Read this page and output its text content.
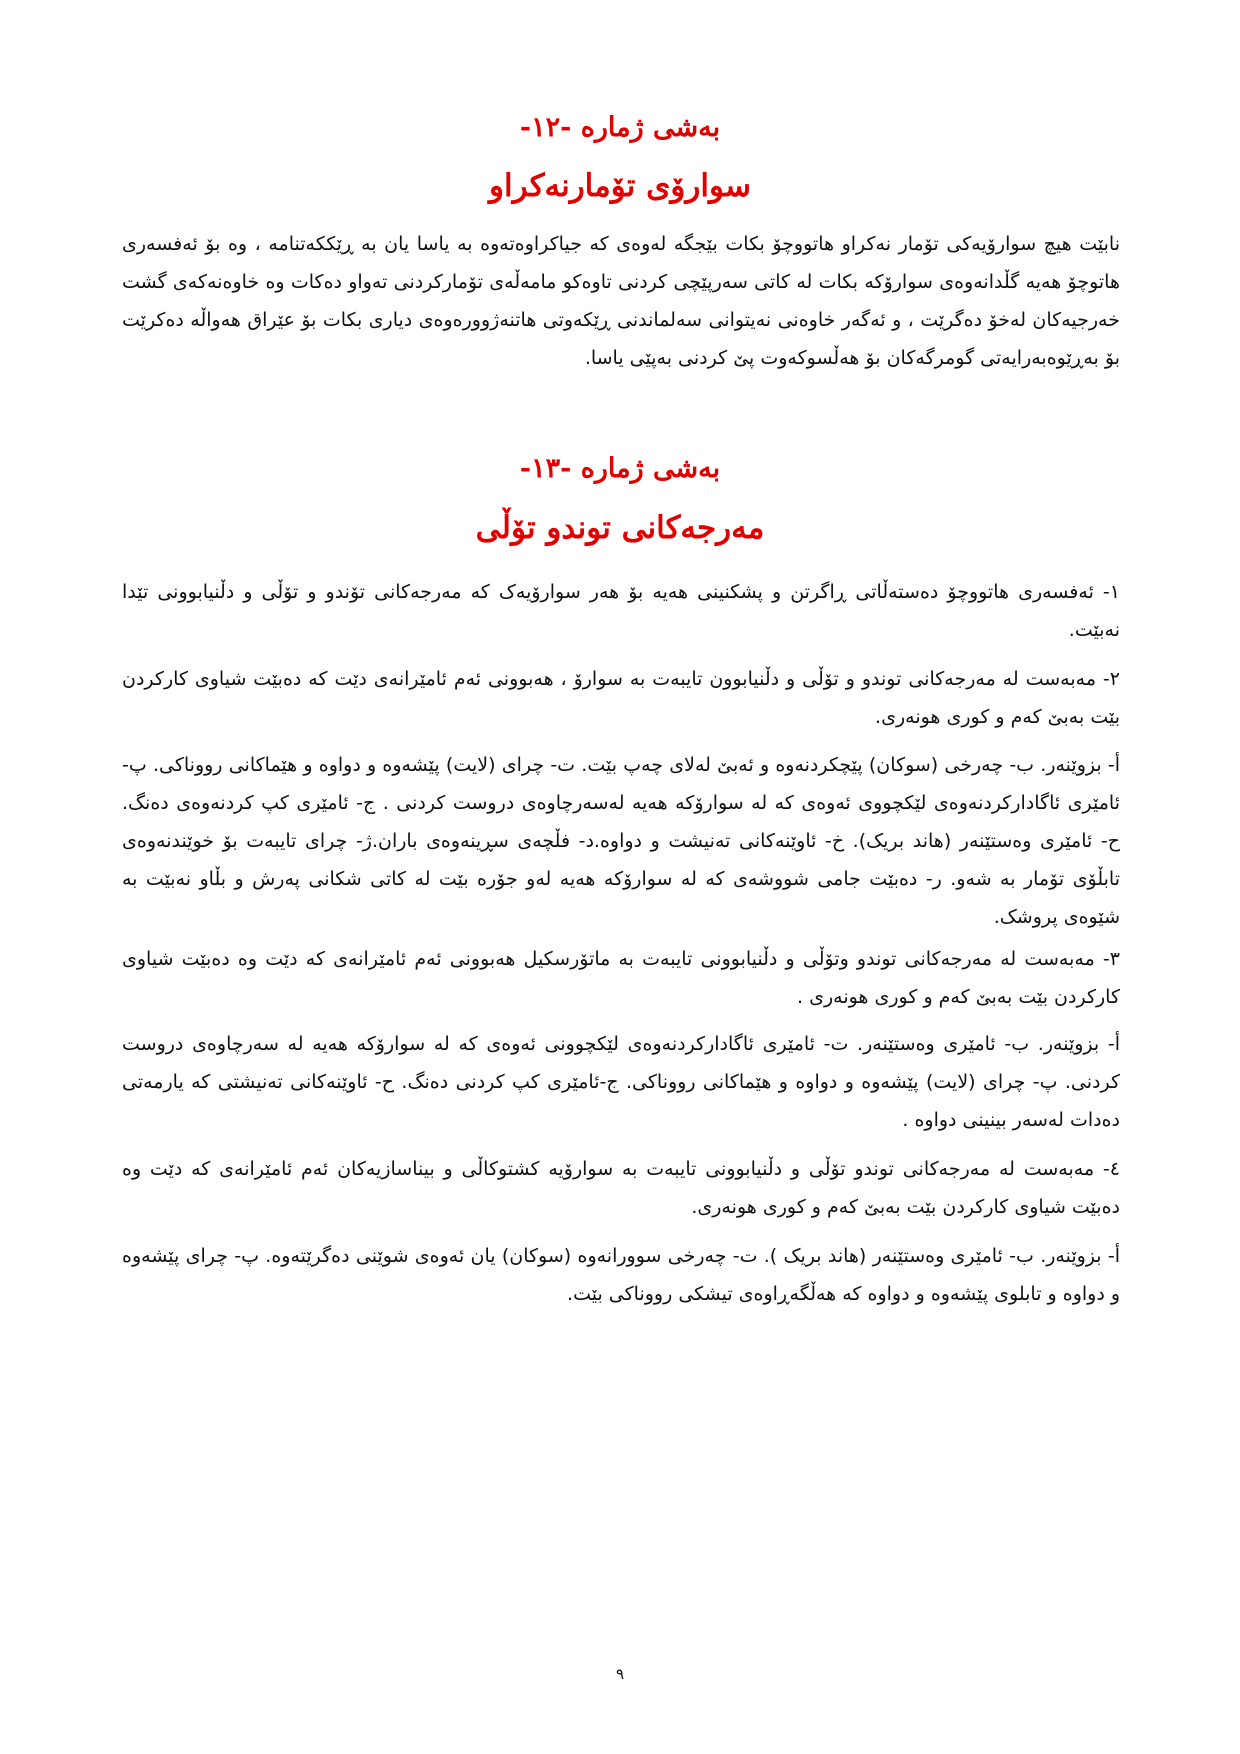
بەشی ژمارە -١٢-
سوارۆی تۆمارنەکراو
نابێت هیچ سوارۆیەکی تۆمار نەکراو هاتووچۆ بکات بێجگە لەوەی کە جیاکراوەتەوە بە یاسا یان بە ڕێککەتنامە ، وە بۆ ئەفسەری هاتوچۆ هەیە گڵدانەوەی سوارۆکە بکات لە کاتی سەرپێچی کردنی تاوەکو مامەڵەی تۆمارکردنی تەواو دەکات وە خاوەنەکەی گشت خەرجیەکان لەخۆ دەگرێت ، و ئەگەر خاوەنی نەیتوانی سەلماندنی ڕێکەوتی هاتنەژوورەوەی دیاری بکات بۆ عێراق هەواڵە دەکرێت بۆ بەڕێوەبەرایەتی گومرگەکان بۆ هەڵسوکەوت پێ کردنی بەپێی یاسا.
بەشی ژمارە -١٣-
مەرجەکانی توندو تۆڵی
١- ئەفسەری هاتووچۆ دەستەڵاتی ڕاگرتن و پشکنینی هەیە بۆ هەر سوارۆیەک کە مەرجەکانی تۆندو و تۆڵی و دڵنیابوونی تێدا نەبێت.
٢- مەبەست لە مەرجەکانی توندو و تۆڵی و دڵنیابوون تایبەت بە سوارۆ ، هەبوونی ئەم ئامێرانەی دێت کە دەبێت شیاوی کارکردن بێت بەبێ کەم و کوری هونەری.
أ- بزوێنەر. ب- چەرخی (سوکان) پێچکردنەوە و ئەبێ لەلای چەپ بێت. ت- چرای (لایت) پێشەوە و دواوە و هێماکانی رووناکی. پ- ئامێری ئاگادارکردنەوەی لێکچووی ئەوەی کە لە سوارۆکە هەیە لەسەرچاوەی دروست کردنی . ج- ئامێری کپ کردنەوەی دەنگ. ح- ئامێری وەستێنەر (هاند بریک). خ- ئاوێنەکانی تەنیشت و دواوە.د- فڵچەی سڕینەوەی باران.ژ- چرای تایبەت بۆ خوێندنەوەی تابڵۆی تۆمار بە شەو. ر- دەبێت جامی شووشەی کە لە سوارۆکە هەیە لەو جۆرە بێت لە کاتی شکانی پەرش و بڵاو نەبێت بە شێوەی پروشک.
٣- مەبەست لە مەرجەکانی توندو وتۆڵی و دڵنیابوونی تایبەت بە ماتۆرسکیل هەبوونی ئەم ئامێرانەی کە دێت وە دەبێت شیاوی کارکردن بێت بەبێ کەم و کوری هونەری .
أ- بزوێنەر. ب- ئامێری وەستێنەر. ت- ئامێری ئاگادارکردنەوەی لێکچوونی ئەوەی کە لە سوارۆکە هەیە لە سەرچاوەی دروست کردنی. پ- چرای (لایت) پێشەوە و دواوە و هێماکانی رووناکی. ج-ئامێری کپ کردنی دەنگ. ح- ئاوێنەکانی تەنیشتی کە یارمەتی دەدات لەسەر بینینی دواوە .
٤- مەبەست لە مەرجەکانی توندو تۆڵی و دڵنیابوونی تایبەت بە سوارۆیە کشتوکاڵی و بیناسازیەکان ئەم ئامێرانەی کە دێت وە دەبێت شیاوی کارکردن بێت بەبێ کەم و کوری هونەری.
أ- بزوێنەر. ب- ئامێری وەستێنەر (هاند بریک ). ت- چەرخی سوورانەوە (سوکان) یان ئەوەی شوێنی دەگرێتەوە. پ- چرای پێشەوە و دواوە و تابلوی پێشەوە و دواوە کە هەڵگەڕاوەی تیشکی رووناکی بێت.
٩
